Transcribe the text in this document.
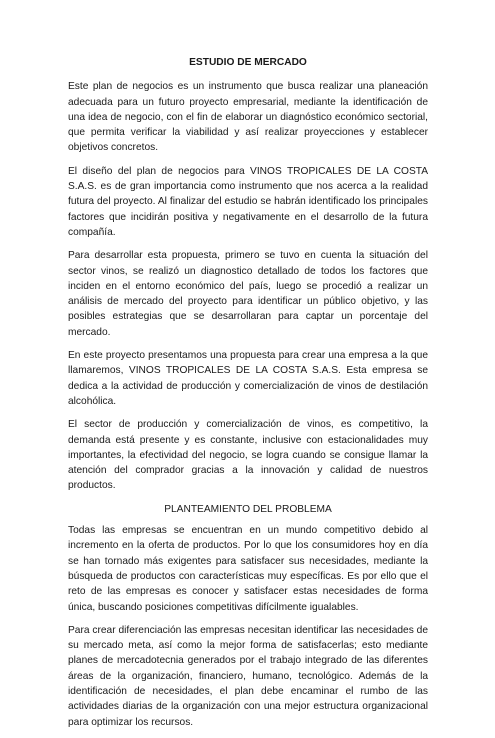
ESTUDIO DE MERCADO

Este plan de negocios es un instrumento que busca realizar una planeación adecuada para un futuro proyecto empresarial, mediante la identificación de una idea de negocio, con el fin de elaborar un diagnóstico económico sectorial, que permita verificar la viabilidad y así realizar proyecciones y establecer objetivos concretos.

El diseño del plan de negocios para VINOS TROPICALES DE LA COSTA S.A.S. es de gran importancia como instrumento que nos acerca a la realidad futura del proyecto. Al finalizar del estudio se habrán identificado los principales factores que incidirán positiva y negativamente en el desarrollo de la futura compañía.

Para desarrollar esta propuesta, primero se tuvo en cuenta la situación del sector vinos, se realizó un diagnostico detallado de todos los factores que inciden en el entorno económico del país, luego se procedió a realizar un análisis de mercado del proyecto para identificar un público objetivo, y las posibles estrategias que se desarrollaran para captar un porcentaje del mercado.

En este proyecto presentamos una propuesta para crear una empresa a la que llamaremos, VINOS TROPICALES DE LA COSTA S.A.S. Esta empresa se dedica a la actividad de producción y comercialización de vinos de destilación alcohólica.

El sector de producción y comercialización de vinos, es competitivo, la demanda está presente y es constante, inclusive con estacionalidades muy importantes, la efectividad del negocio, se logra cuando se consigue llamar la atención del comprador gracias a la innovación y calidad de nuestros productos.

PLANTEAMIENTO DEL PROBLEMA

Todas las empresas se encuentran en un mundo competitivo debido al incremento en la oferta de productos. Por lo que los consumidores hoy en día se han tornado más exigentes para satisfacer sus necesidades, mediante la búsqueda de productos con características muy específicas. Es por ello que el reto de las empresas es conocer y satisfacer estas necesidades de forma única, buscando posiciones competitivas difícilmente igualables.

Para crear diferenciación las empresas necesitan identificar las necesidades de su mercado meta, así como la mejor forma de satisfacerlas; esto mediante planes de mercadotecnia generados por el trabajo integrado de las diferentes áreas de la organización, financiero, humano, tecnológico. Además de la identificación de necesidades, el plan debe encaminar el rumbo de las actividades diarias de la organización con una mejor estructura organizacional para optimizar los recursos.
